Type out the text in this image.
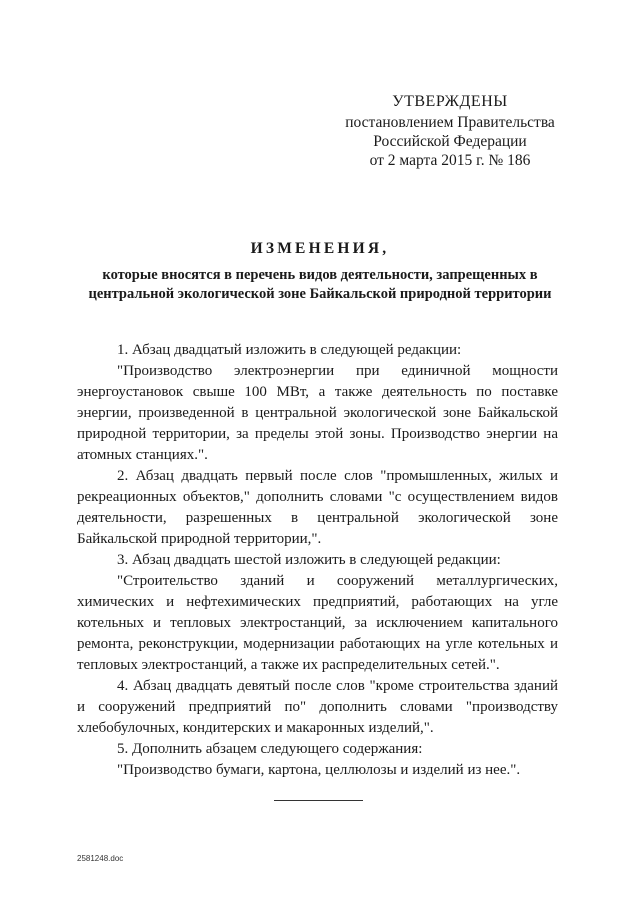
УТВЕРЖДЕНЫ
постановлением Правительства
Российской Федерации
от 2 марта 2015 г. № 186
ИЗМЕНЕНИЯ,
которые вносятся в перечень видов деятельности, запрещенных в
центральной экологической зоне Байкальской природной территории

1. Абзац двадцатый изложить в следующей редакции:

"Производство электроэнергии при единичной мощности энергоустановок свыше 100 МВт, а также деятельность по поставке энергии, произведенной в центральной экологической зоне Байкальской природной территории, за пределы этой зоны. Производство энергии на атомных станциях.".

2. Абзац двадцать первый после слов "промышленных, жилых и рекреационных объектов," дополнить словами "с осуществлением видов деятельности, разрешенных в центральной экологической зоне Байкальской природной территории,".

3. Абзац двадцать шестой изложить в следующей редакции:

"Строительство зданий и сооружений металлургических, химических и нефтехимических предприятий, работающих на угле котельных и тепловых электростанций, за исключением капитального ремонта, реконструкции, модернизации работающих на угле котельных и тепловых электростанций, а также их распределительных сетей.".

4. Абзац двадцать девятый после слов "кроме строительства зданий и сооружений предприятий по" дополнить словами "производству хлебобулочных, кондитерских и макаронных изделий,".

5. Дополнить абзацем следующего содержания:

"Производство бумаги, картона, целлюлозы и изделий из нее.".

2581248.doc
